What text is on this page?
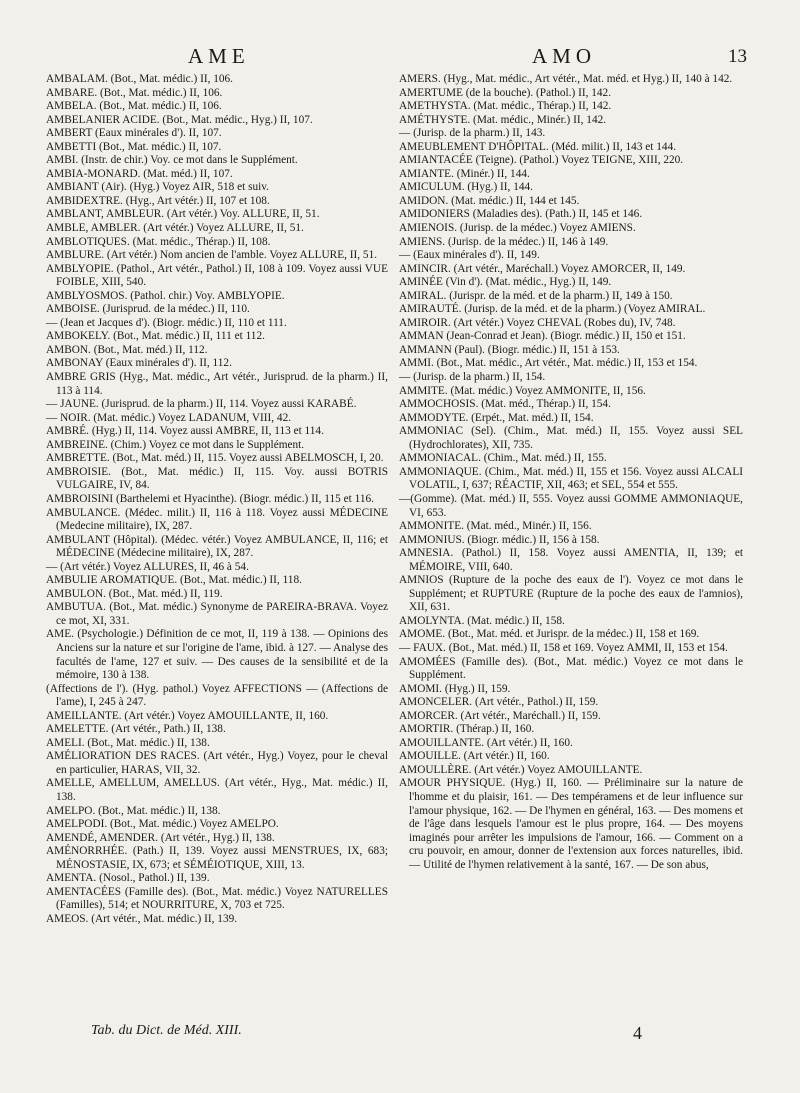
AME	AMO	13

AMBALAM. (Bot., Mat. médic.) II, 106.

AMBARE. (Bot., Mat. médic.) II, 106.

AMBELA. (Bot., Mat. médic.) II, 106.

AMBELANIER ACIDE. (Bot., Mat. médic., Hyg.) II, 107.

AMBERT (Eaux minérales d'). II, 107.

AMBETTI (Bot., Mat. médic.) II, 107.

AMBI. (Instr. de chir.) Voy. ce mot dans le Supplément.

AMBIA-MONARD. (Mat. méd.) II, 107.

AMBIANT (Air). (Hyg.) Voyez AIR, 518 et suiv.

AMBIDEXTRE. (Hyg., Art vétér.) II, 107 et 108.

AMBLANT, AMBLEUR. (Art vétér.) Voy. ALLURE, II, 51.

AMBLE, AMBLER. (Art vétér.) Voyez ALLURE, II, 51.

AMBLOTIQUES. (Mat. médic., Thérap.) II, 108.

AMBLURE. (Art vétér.) Nom ancien de l'amble. Voyez ALLURE, II, 51.

AMBLYOPIE. (Pathol., Art vétér., Pathol.) II, 108 à 109. Voyez aussi VUE FOIBLE, XIII, 540.

AMBLYOSMOS. (Pathol. chir.) Voy. AMBLYOPIE.

AMBOISE. (Jurisprud. de la médec.) II, 110.

— (Jean et Jacques d'). (Biogr. médic.) II, 110 et 111.

AMBOKELY. (Bot., Mat. médic.) II, 111 et 112.

AMBON. (Bot., Mat. méd.) II, 112.

AMBONAY (Eaux minérales d'). II, 112.

AMBRE GRIS (Hyg., Mat. médic., Art vétér., Jurisprud. de la pharm.) II, 113 à 114.

— JAUNE. (Jurisprud. de la pharm.) II, 114. Voyez aussi KARABÉ.

— NOIR. (Mat. médic.) Voyez LADANUM, VIII, 42.

AMBRÉ. (Hyg.) II, 114. Voyez aussi AMBRE, II, 113 et 114.

AMBREINE. (Chim.) Voyez ce mot dans le Supplément.

AMBRETTE. (Bot., Mat. méd.) II, 115. Voyez aussi ABELMOSCH, I, 20.

AMBROISIE. (Bot., Mat. médic.) II, 115. Voy. aussi BOTRIS VULGAIRE, IV, 84.

AMBROISINI (Barthelemi et Hyacinthe). (Biogr. médic.) II, 115 et 116.

AMBULANCE. (Médec. milit.) II, 116 à 118. Voyez aussi MÉDECINE (Medecine militaire), IX, 287.

AMBULANT (Hôpital). (Médec. vétér.) Voyez AMBULANCE, II, 116; et MÉDECINE (Médecine militaire), IX, 287.

— (Art vétér.) Voyez ALLURES, II, 46 à 54.

AMBULIE AROMATIQUE. (Bot., Mat. médic.) II, 118.

AMBULON. (Bot., Mat. méd.) II, 119.

AMBUTUA. (Bot., Mat. médic.) Synonyme de PAREIRA-BRAVA. Voyez ce mot, XI, 331.

AME. (Psychologie.) Définition de ce mot, II, 119 à 138. — Opinions des Anciens sur la nature et sur l'origine de l'ame, ibid. à 127. — Analyse des facultés de l'ame, 127 et suiv. — Des causes de la sensibilité et de la mémoire, 130 à 138.

(Affections de l'). (Hyg. pathol.) Voyez AFFECTIONS — (Affections de l'ame), I, 245 à 247.

AMEILLANTE. (Art vétér.) Voyez AMOUILLANTE, II, 160.

AMELETTE. (Art vétér., Path.) II, 138.

AMELI. (Bot., Mat. médic.) II, 138.

AMÉLIORATION DES RACES. (Art vétér., Hyg.) Voyez, pour le cheval en particulier, HARAS, VII, 32.

AMELLE, AMELLUM, AMELLUS. (Art vétér., Hyg., Mat. médic.) II, 138.

AMELPO. (Bot., Mat. médic.) II, 138.

AMELPODI. (Bot., Mat. médic.) Voyez AMELPO.

AMENDÉ, AMENDER. (Art vétér., Hyg.) II, 138.

AMÉNORRHÉE. (Path.) II, 139. Voyez aussi MENSTRUES, IX, 683; MÉNOSTASIE, IX, 673; et SÉMÉIOTIQUE, XIII, 13.

AMENTA. (Nosol., Pathol.) II, 139.

AMENTACÉES (Famille des). (Bot., Mat. médic.) Voyez NATURELLES (Familles), 514; et NOURRITURE, X, 703 et 725.

AMEOS. (Art vétér., Mat. médic.) II, 139.

AMERS. (Hyg., Mat. médic., Art vétér., Mat. méd. et Hyg.) II, 140 à 142.

AMERTUME (de la bouche). (Pathol.) II, 142.

AMETHYSTA. (Mat. médic., Thérap.) II, 142.

AMÉTHYSTE. (Mat. médic., Minér.) II, 142.

— (Jurisp. de la pharm.) II, 143.

AMEUBLEMENT D'HÔPITAL. (Méd. milit.) II, 143 et 144.

AMIANTACÉE (Teigne). (Pathol.) Voyez TEIGNE, XIII, 220.

AMIANTE. (Minér.) II, 144.

AMICULUM. (Hyg.) II, 144.

AMIDON. (Mat. médic.) II, 144 et 145.

AMIDONIERS (Maladies des). (Path.) II, 145 et 146.

AMIENOIS. (Jurisp. de la médec.) Voyez AMIENS.

AMIENS. (Jurisp. de la médec.) II, 146 à 149.

— (Eaux minérales d'). II, 149.

AMINCIR. (Art vétér., Maréchall.) Voyez AMORCER, II, 149.

AMINÉE (Vin d'). (Mat. médic., Hyg.) II, 149.

AMIRAL. (Jurispr. de la méd. et de la pharm.) II, 149 à 150.

AMIRAUTÉ. (Jurisp. de la méd. et de la pharm.) (Voyez AMIRAL.

AMIROIR. (Art vétér.) Voyez CHEVAL (Robes du), IV, 748.

AMMAN (Jean-Conrad et Jean). (Biogr. médic.) II, 150 et 151.

AMMANN (Paul). (Biogr. médic.) II, 151 à 153.

AMMI. (Bot., Mat. médic., Art vétér., Mat. médic.) II, 153 et 154.

— (Jurisp. de la pharm.) II, 154.

AMMITE. (Mat. médic.) Voyez AMMONITE, II, 156.

AMMOCHOSIS. (Mat. méd., Thérap.) II, 154.

AMMODYTE. (Erpét., Mat. méd.) II, 154.

AMMONIAC (Sel). (Chim., Mat. méd.) II, 155. Voyez aussi SEL (Hydrochlorates), XII, 735.

AMMONIACAL. (Chim., Mat. méd.) II, 155.

AMMONIAQUE. (Chim., Mat. méd.) II, 155 et 156. Voyez aussi ALCALI VOLATIL, I, 637; RÉACTIF, XII, 463; et SEL, 554 et 555.

—(Gomme). (Mat. méd.) II, 555. Voyez aussi GOMME AMMONIAQUE, VI, 653.

AMMONITE. (Mat. méd., Minér.) II, 156.

AMMONIUS. (Biogr. médic.) II, 156 à 158.

AMNESIA. (Pathol.) II, 158. Voyez aussi AMENTIA, II, 139; et MÉMOIRE, VIII, 640.

AMNIOS (Rupture de la poche des eaux de l'). Voyez ce mot dans le Supplément; et RUPTURE (Rupture de la poche des eaux de l'amnios), XII, 631.

AMOLYNTA. (Mat. médic.) II, 158.

AMOME. (Bot., Mat. méd. et Jurispr. de la médec.) II, 158 et 169.

— FAUX. (Bot., Mat. méd.) II, 158 et 169. Voyez AMMI, II, 153 et 154.

AMOMÉES (Famille des). (Bot., Mat. médic.) Voyez ce mot dans le Supplément.

AMOMI. (Hyg.) II, 159.

AMONCELER. (Art vétér., Pathol.) II, 159.

AMORCER. (Art vétér., Maréchall.) II, 159.

AMORTIR. (Thérap.) II, 160.

AMOUILLANTE. (Art vétér.) II, 160.

AMOUILLE. (Art vétér.) II, 160.

AMOULLÈRE. (Art vétér.) Voyez AMOUILLANTE.

AMOUR PHYSIQUE. (Hyg.) II, 160. — Préliminaire sur la nature de l'homme et du plaisir, 161. — Des tempéramens et de leur influence sur l'amour physique, 162. — De l'hymen en général, 163. — Des momens et de l'âge dans lesquels l'amour est le plus propre, 164. — Des moyens imaginés pour arrêter les impulsions de l'amour, 166. — Comment on a cru pouvoir, en amour, donner de l'extension aux forces naturelles, ibid. — Utilité de l'hymen relativement à la santé, 167. — De son abus,

Tab. du Dict. de Méd. XIII.	4
